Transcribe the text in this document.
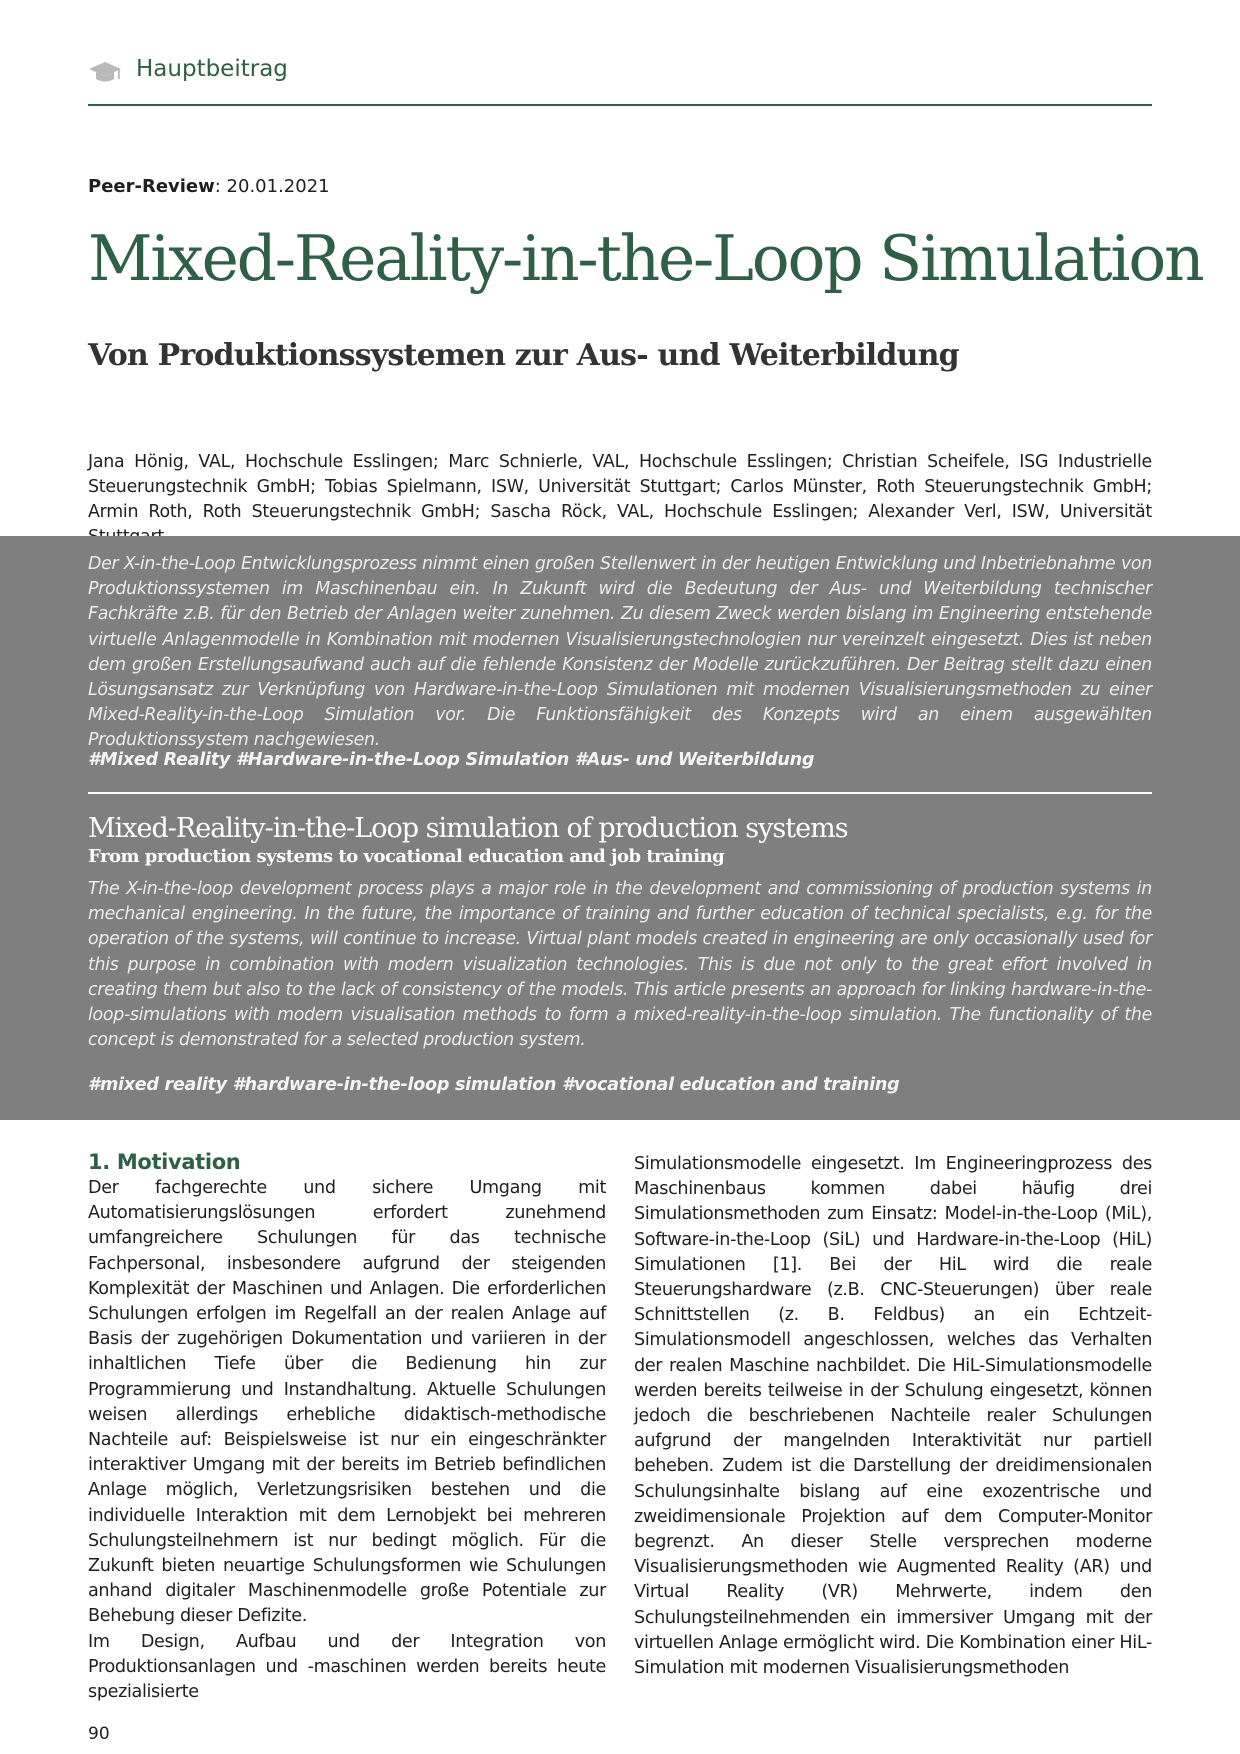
Hauptbeitrag
Peer-Review: 20.01.2021
Mixed-Reality-in-the-Loop Simulation
Von Produktionssystemen zur Aus- und Weiterbildung

Jana Hönig, VAL, Hochschule Esslingen; Marc Schnierle, VAL, Hochschule Esslingen; Christian Scheifele, ISG Industrielle Steuerungstechnik GmbH; Tobias Spielmann, ISW, Universität Stuttgart; Carlos Münster, Roth Steuerungstechnik GmbH; Armin Roth, Roth Steuerungstechnik GmbH; Sascha Röck, VAL, Hochschule Esslingen; Alexander Verl, ISW, Universität

Der X-in-the-Loop Entwicklungsprozess nimmt einen großen Stellenwert in der heutigen Entwicklung und Inbetriebnahme von Produktionssystemen im Maschinenbau ein. In Zukunft wird die Bedeutung der Aus- und Weiterbildung technischer Fachkräfte z.B. für den Betrieb der Anlagen weiter zunehmen. Zu diesem Zweck werden bislang im Engineering entstehende virtuelle Anlagenmodelle in Kombination mit modernen Visualisierungstechnologien nur vereinzelt eingesetzt. Dies ist neben dem großen Erstellungsaufwand auch auf die fehlende Konsistenz der Modelle zurückzuführen. Der Beitrag stellt dazu einen Lösungsansatz zur Verknüpfung von Hardware-in-the-Loop Simulationen mit modernen Visualisierungsmethoden zu einer Mixed-Reality-in-the-Loop Simulation vor. Die Funktionsfähigkeit des Konzepts wird an einem ausgewählten Produktionssystem nachgewiesen.

#Mixed Reality #Hardware-in-the-Loop Simulation #Aus- und Weiterbildung
Mixed-Reality-in-the-Loop simulation of production systems
From production systems to vocational education and job training

The X-in-the-loop development process plays a major role in the development and commissioning of production systems in mechanical engineering. In the future, the importance of training and further education of technical specialists, e.g. for the operation of the systems, will continue to increase. Virtual plant models created in engineering are only occasionally used for this purpose in combination with modern visualization technologies. This is due not only to the great effort involved in creating them but also to the lack of consistency of the models. This article presents an approach for linking hardware-in-the-loop-simulations with modern visualisation methods to form a mixed-reality-in-the-loop simulation. The functionality of the concept is demonstrated for a selected production system.

#mixed reality #hardware-in-the-loop simulation #vocational education and training
1. Motivation

Der fachgerechte und sichere Umgang mit Automatisierungslösungen erfordert zunehmend umfangreichere Schulungen für das technische Fachpersonal, insbesondere aufgrund der steigenden Komplexität der Maschinen und Anlagen. Die erforderlichen Schulungen erfolgen im Regelfall an der realen Anlage auf Basis der zugehörigen Dokumentation und variieren in der inhaltlichen Tiefe über die Bedienung hin zur Programmierung und Instandhaltung. Aktuelle Schulungen weisen allerdings erhebliche didaktisch-methodische Nachteile auf: Beispielsweise ist nur ein eingeschränkter interaktiver Umgang mit der bereits im Betrieb befindlichen Anlage möglich, Verletzungsrisiken bestehen und die individuelle Interaktion mit dem Lernobjekt bei mehreren Schulungsteilnehmern ist nur bedingt möglich. Für die Zukunft bieten neuartige Schulungsformen wie Schulungen anhand digitaler Maschinenmodelle große Potentiale zur Behebung dieser Defizite.

Im Design, Aufbau und der Integration von Produktionsanlagen und -maschinen werden bereits heute spezialisierte

Simulationsmodelle eingesetzt. Im Engineeringprozess des Maschinenbaus kommen dabei häufig drei Simulationsmethoden zum Einsatz: Model-in-the-Loop (MiL), Software-in-the-Loop (SiL) und Hardware-in-the-Loop (HiL) Simulationen [1]. Bei der HiL wird die reale Steuerungshardware (z.B. CNC-Steuerungen) über reale Schnittstellen (z. B. Feldbus) an ein Echtzeit-Simulationsmodell angeschlossen, welches das Verhalten der realen Maschine nachbildet. Die HiL-Simulationsmodelle werden bereits teilweise in der Schulung eingesetzt, können jedoch die beschriebenen Nachteile realer Schulungen aufgrund der mangelnden Interaktivität nur partiell beheben. Zudem ist die Darstellung der dreidimensionalen Schulungsinhalte bislang auf eine exozentrische und zweidimensionale Projektion auf dem Computer-Monitor begrenzt. An dieser Stelle versprechen moderne Visualisierungsmethoden wie Augmented Reality (AR) und Virtual Reality (VR) Mehrwerte, indem den Schulungsteilnehmenden ein immersiver Umgang mit der virtuellen Anlage ermöglicht wird. Die Kombination einer HiL-Simulation mit modernen Visualisierungsmethoden

90
